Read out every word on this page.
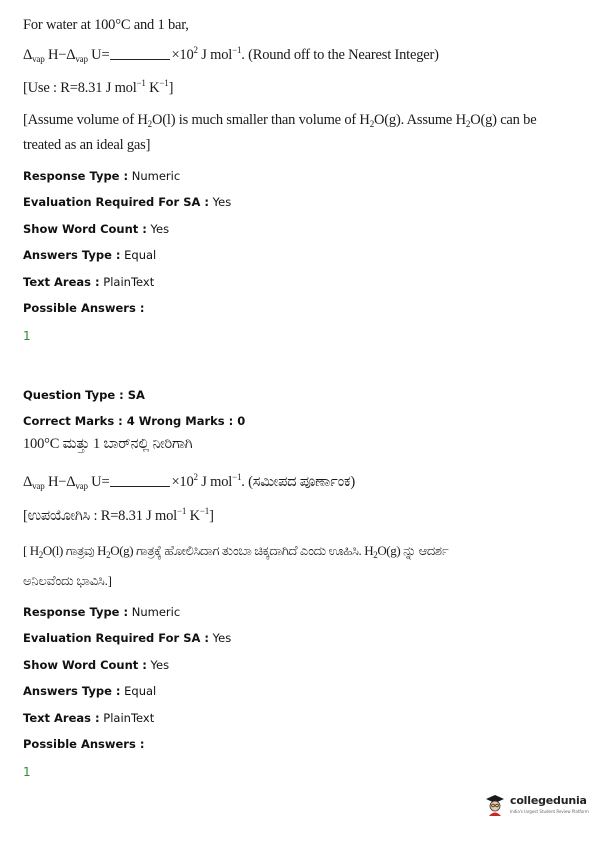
For water at 100°C and 1 bar,
$\Delta_{vap}$ $H-\Delta_{vap}$ U=	$\times 10^2$ J mol$^{-1}$. (Round off to the Nearest Integer)
[Use : R=8.31 J mol$^{-1}$ $K^{-1}$]
[Assume volume of $H_2O(l)$ is much smaller than volume of $H_2O(g)$. Assume $H_2O(g)$ can be
treated as an ideal gas]
Response Type : Numeric
Evaluation Required For SA : Yes
Show Word Count : Yes
Answers Type : Equal
Text Areas : PlainText
Possible Answers :
1
Question Type : SA
Correct Marks : 4 Wrong Marks : 0
100°C ಮತ್ತು 1 ಬಾರ್‌ನಲ್ಲಿ ನೀರಿಗಾಗಿ
$\Delta_{vap}$ $H-\Delta_{vap}$ U=	$\times 10^2$ J mol$^{-1}$. (ಸಮೀಪದ ಪೂರ್ಣಾಂಕ)
[ಉಪಯೋಗಿಸಿ : R=8.31 J mol$^{-1}$ $K^{-1}$]
[ $H_2O(l)$ ಗಾತ್ರವು $H_2O(g)$ ಗಾತ್ರಕ್ಕೆ ಹೋಲಿಸಿದಾಗ ತುಂಬಾ ಚಿಕ್ಕದಾಗಿದೆ ಎಂದು ಊಹಿಸಿ. $H_2O(g)$ ನ್ನು ಆದರ್ಶ
ಅನಿಲವೆಂದು ಭಾವಿಸಿ.]
Response Type : Numeric
Evaluation Required For SA : Yes
Show Word Count : Yes
Answers Type : Equal
Text Areas : PlainText
Possible Answers :
1
collegedunia
India's largest Student Review Platform
